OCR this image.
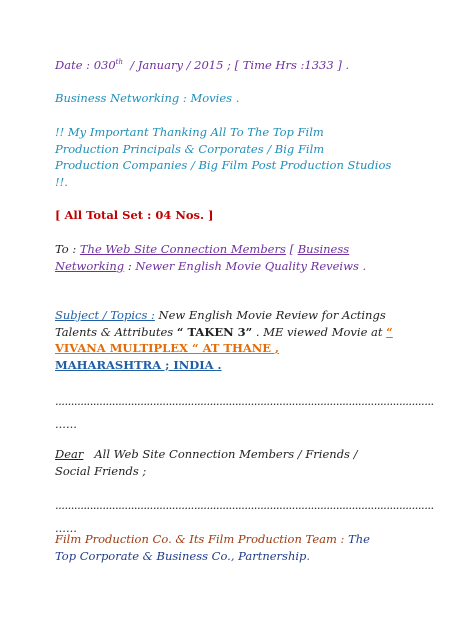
Date : 030th / January / 2015 ; [ Time Hrs :1333 ] .
Business Networking : Movies .
!! My Important Thanking All To The Top Film
Production Principals & Corporates / Big Film
Production Companies / Big Film Post Production Studios
!!.
[ All Total Set : 04 Nos. ]
To : The Web Site Connection Members [ Business
Networking : Newer English Movie Quality Reveiws .
Subject / Topics : New English Movie Review for Actings
Talents & Attributes “ TAKEN 3” . ME viewed Movie at “
VIVANA MULTIPLEX “ AT THANE ,
MAHARASHTRA ; INDIA .
........................................................................................................................
......
Dear All Web Site Connection Members / Friends /
Social Friends ;
........................................................................................................................
......
Film Production Co. & Its Film Production Team : The
Top Corporate & Business Co., Partnership.
